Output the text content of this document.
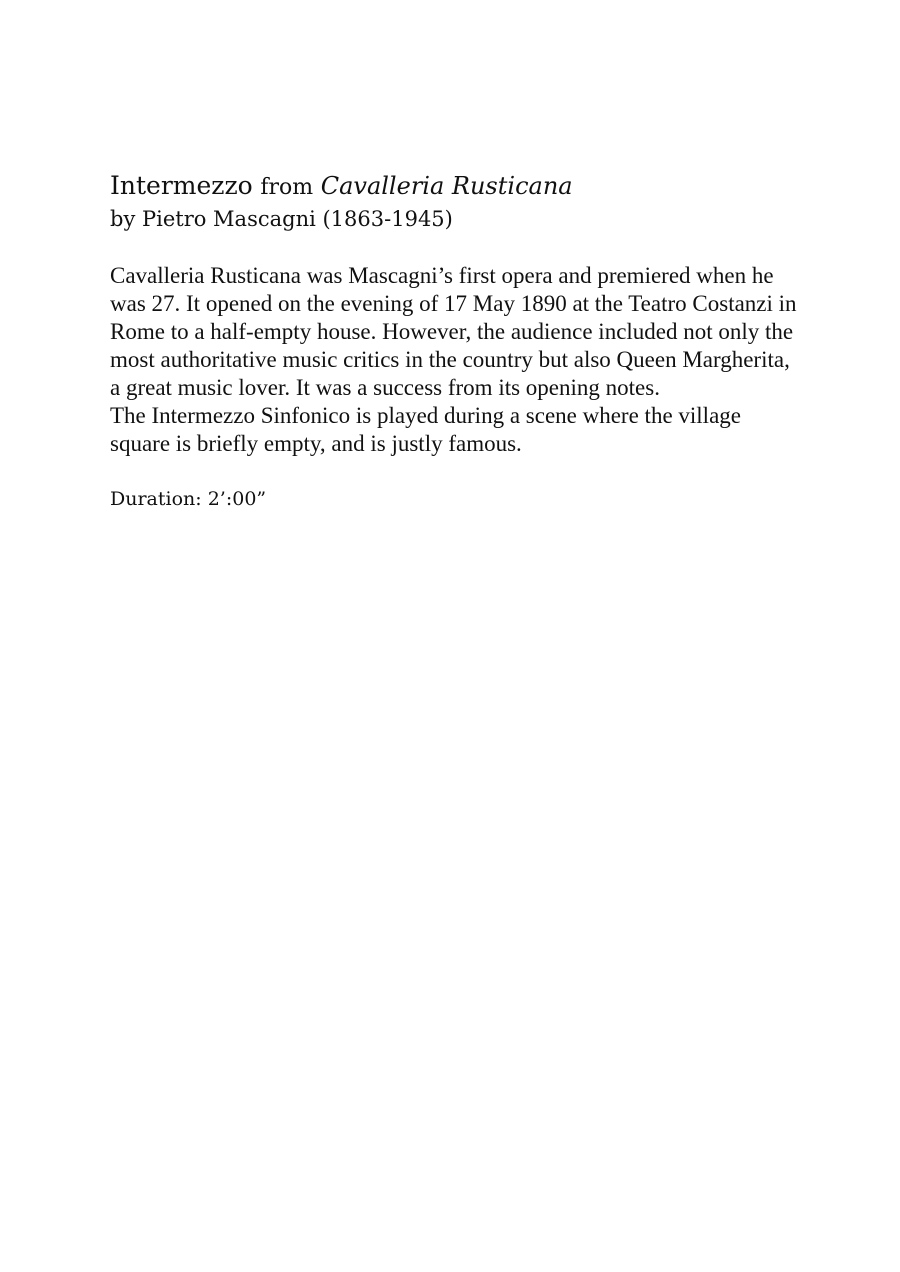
Intermezzo from Cavalleria Rusticana
by Pietro Mascagni (1863-1945)

Cavalleria Rusticana was Mascagni’s first opera and premiered when he was 27. It opened on the evening of 17 May 1890 at the Teatro Costanzi in Rome to a half-empty house. However, the audience included not only the most authoritative music critics in the country but also Queen Margherita, a great music lover. It was a success from its opening notes.

The Intermezzo Sinfonico is played during a scene where the village square is briefly empty, and is justly famous.

Duration: 2’:00”
